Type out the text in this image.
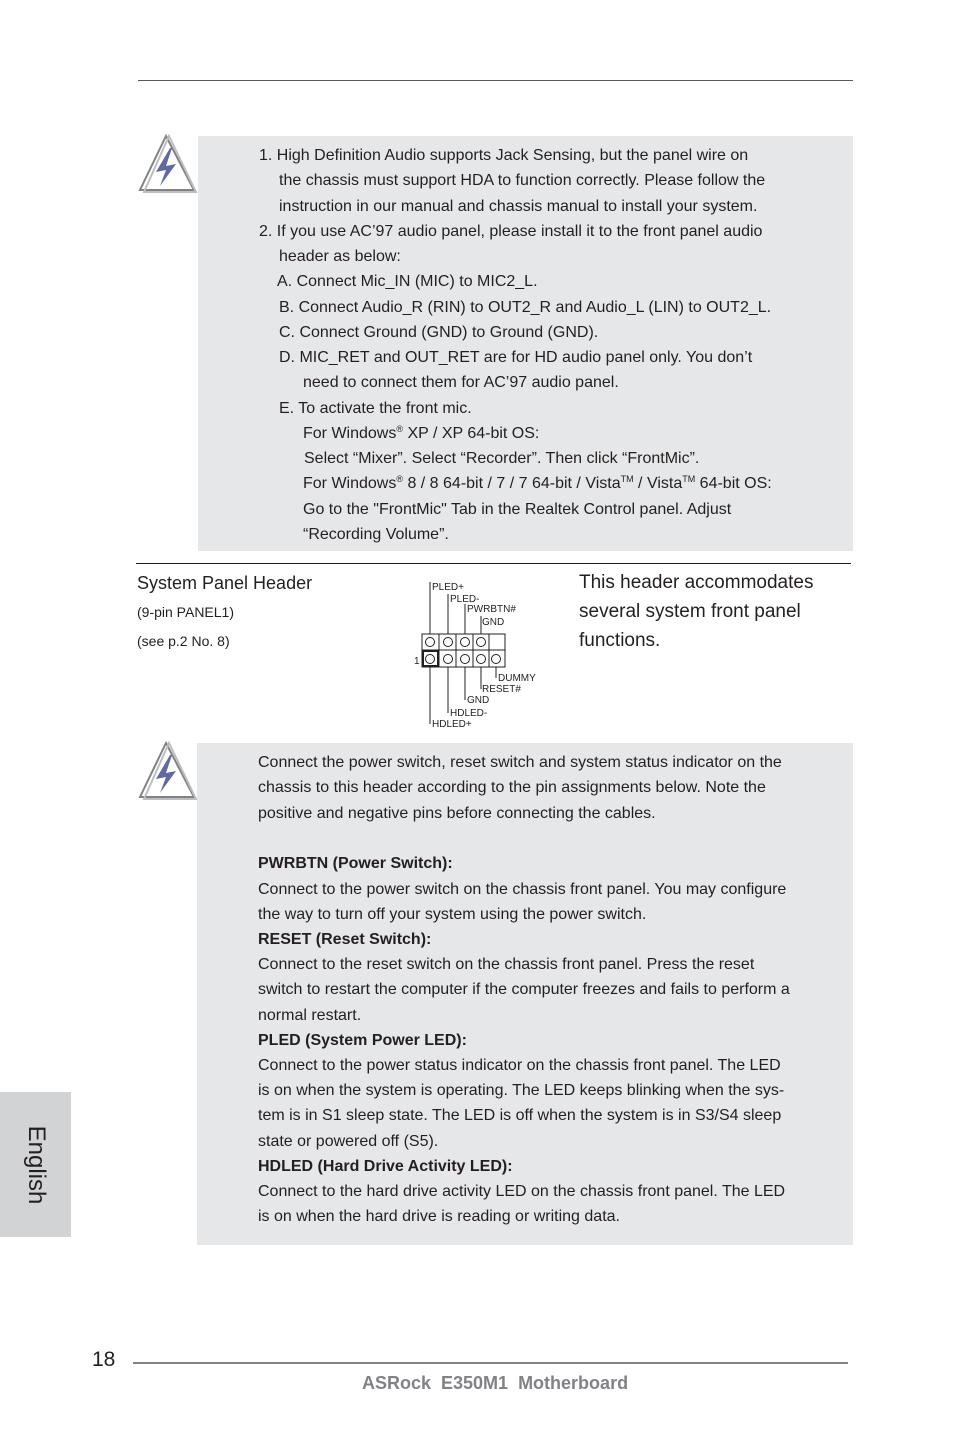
1. High Definition Audio supports Jack Sensing, but the panel wire on
the chassis must support HDA to function correctly. Please follow the
instruction in our manual and chassis manual to install your system.
2. If you use AC’97 audio panel, please install it to the front panel audio
header as below:
A. Connect Mic_IN (MIC) to MIC2_L.
B. Connect Audio_R (RIN) to OUT2_R and Audio_L (LIN) to OUT2_L.
C. Connect Ground (GND) to Ground (GND).
D. MIC_RET and OUT_RET are for HD audio panel only. You don’t
need to connect them for AC’97 audio panel.
E. To activate the front mic.
For Windows® XP / XP 64-bit OS:
Select “Mixer”. Select “Recorder”. Then click “FrontMic”.
For Windows® 8 / 8 64-bit / 7 / 7 64-bit / Vista™ / Vista™ 64-bit OS:
Go to the "FrontMic" Tab in the Realtek Control panel. Adjust
“Recording Volume”.
System Panel Header
(9-pin PANEL1)
(see p.2 No. 8)
This header accommodates
several system front panel
functions.
PLED+
PLED-
PWRBTN#
GND
DUMMY
RESET#
GND
HDLED-
HDLED+
1
Connect the power switch, reset switch and system status indicator on the
chassis to this header according to the pin assignments below. Note the
positive and negative pins before connecting the cables.
PWRBTN (Power Switch):
Connect to the power switch on the chassis front panel. You may configure
the way to turn off your system using the power switch.
RESET (Reset Switch):
Connect to the reset switch on the chassis front panel. Press the reset
switch to restart the computer if the computer freezes and fails to perform a
normal restart.
PLED (System Power LED):
Connect to the power status indicator on the chassis front panel. The LED
is on when the system is operating. The LED keeps blinking when the sys-
tem is in S1 sleep state. The LED is off when the system is in S3/S4 sleep
state or powered off (S5).
HDLED (Hard Drive Activity LED):
Connect to the hard drive activity LED on the chassis front panel. The LED
is on when the hard drive is reading or writing data.
English
18
ASRock  E350M1  Motherboard
